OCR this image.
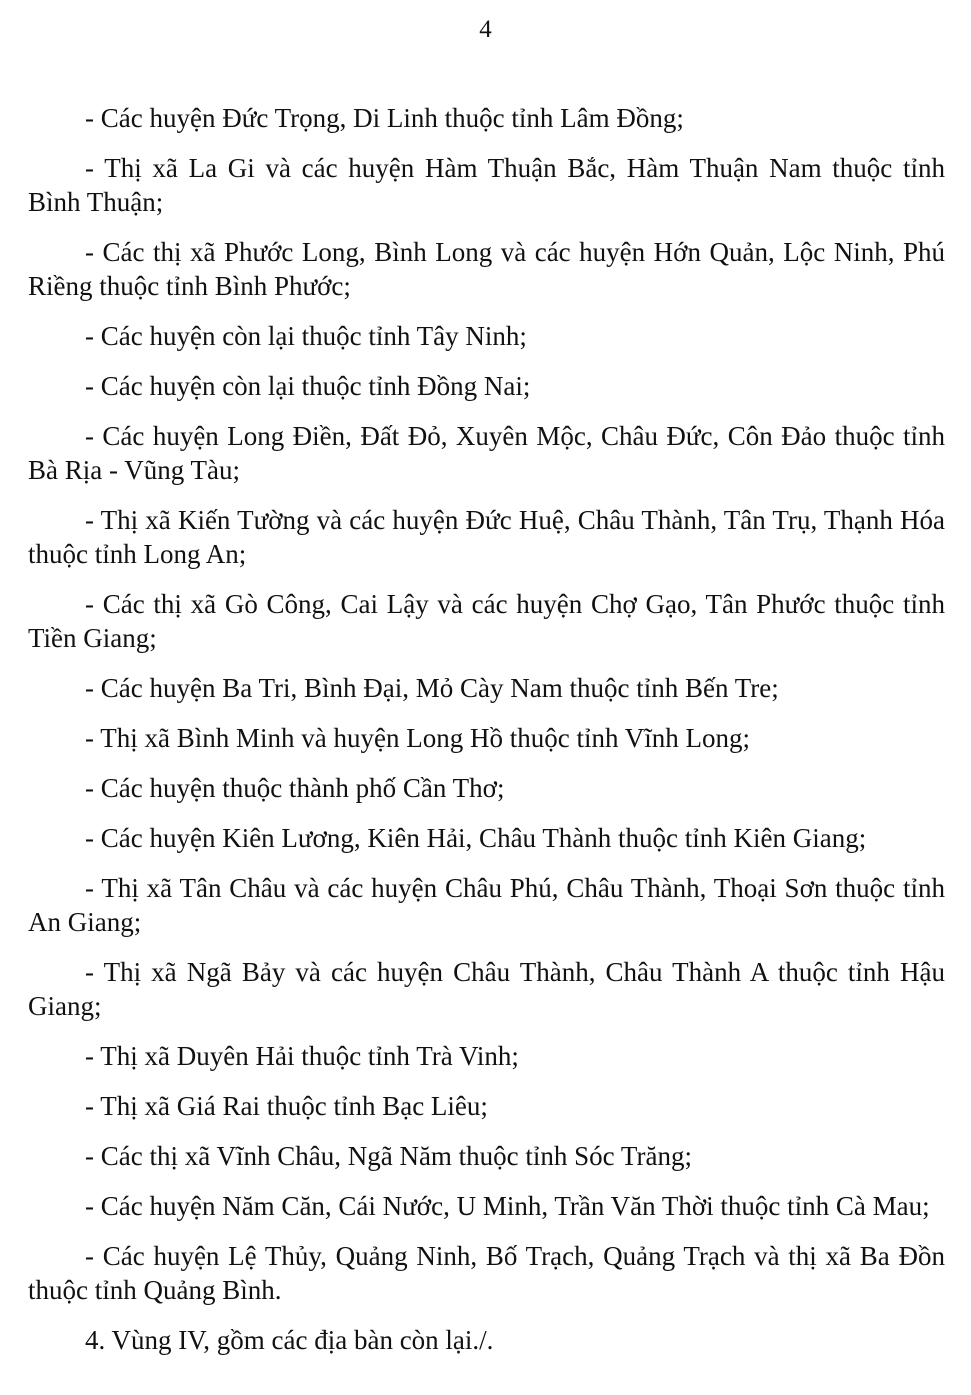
4

- Các huyện Đức Trọng, Di Linh thuộc tỉnh Lâm Đồng;

- Thị xã La Gi và các huyện Hàm Thuận Bắc, Hàm Thuận Nam thuộc tỉnh Bình Thuận;

- Các thị xã Phước Long, Bình Long và các huyện Hớn Quản, Lộc Ninh, Phú Riềng thuộc tỉnh Bình Phước;

- Các huyện còn lại thuộc tỉnh Tây Ninh;

- Các huyện còn lại thuộc tỉnh Đồng Nai;

- Các huyện Long Điền, Đất Đỏ, Xuyên Mộc, Châu Đức, Côn Đảo thuộc tỉnh Bà Rịa - Vũng Tàu;

- Thị xã Kiến Tường và các huyện Đức Huệ, Châu Thành, Tân Trụ, Thạnh Hóa thuộc tỉnh Long An;

- Các thị xã Gò Công, Cai Lậy và các huyện Chợ Gạo, Tân Phước thuộc tỉnh Tiền Giang;

- Các huyện Ba Tri, Bình Đại, Mỏ Cày Nam thuộc tỉnh Bến Tre;

- Thị xã Bình Minh và huyện Long Hồ thuộc tỉnh Vĩnh Long;

- Các huyện thuộc thành phố Cần Thơ;

- Các huyện Kiên Lương, Kiên Hải, Châu Thành thuộc tỉnh Kiên Giang;

- Thị xã Tân Châu và các huyện Châu Phú, Châu Thành, Thoại Sơn thuộc tỉnh An Giang;

- Thị xã Ngã Bảy và các huyện Châu Thành, Châu Thành A thuộc tỉnh Hậu Giang;

- Thị xã Duyên Hải thuộc tỉnh Trà Vinh;

- Thị xã Giá Rai thuộc tỉnh Bạc Liêu;

- Các thị xã Vĩnh Châu, Ngã Năm thuộc tỉnh Sóc Trăng;

- Các huyện Năm Căn, Cái Nước, U Minh, Trần Văn Thời thuộc tỉnh Cà Mau;

- Các huyện Lệ Thủy, Quảng Ninh, Bố Trạch, Quảng Trạch và thị xã Ba Đồn thuộc tỉnh Quảng Bình.

4. Vùng IV, gồm các địa bàn còn lại./.
